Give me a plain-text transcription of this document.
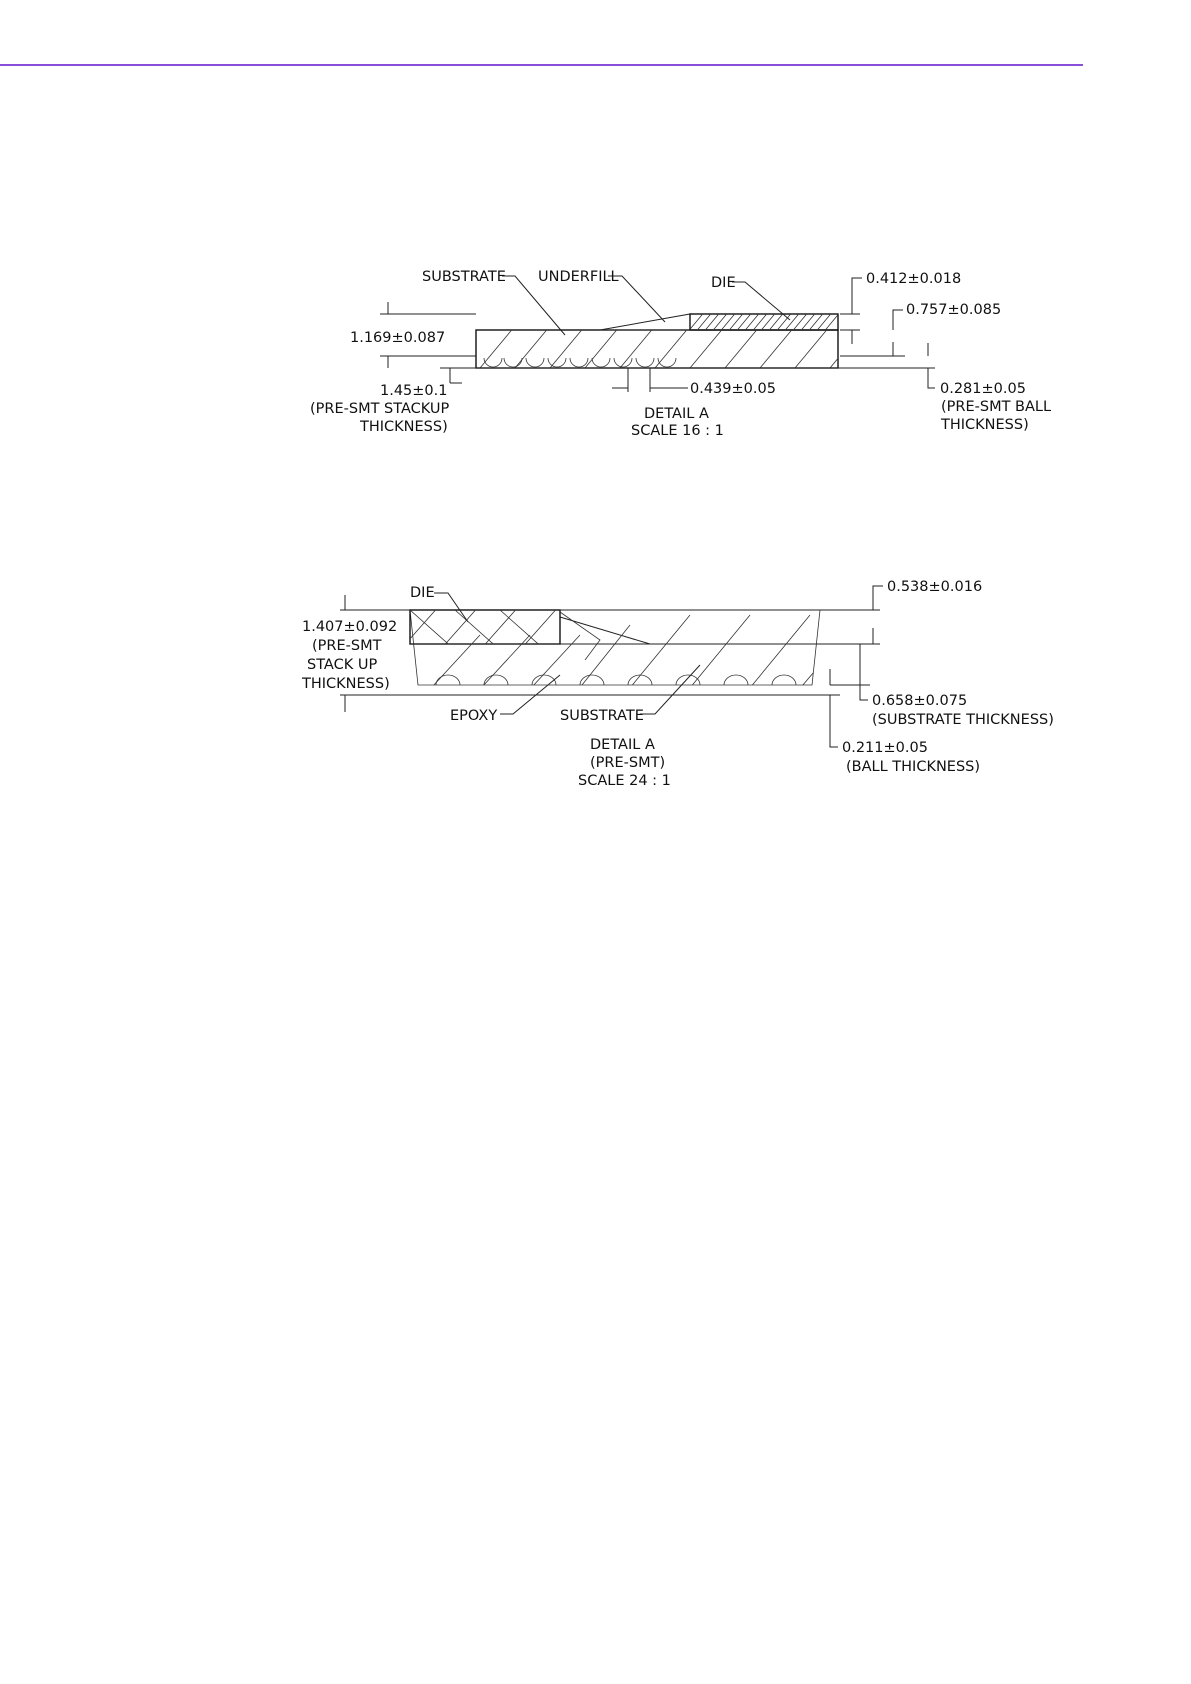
SUBSTRATE UNDERFILL	DIE	0.412±0.018
0.757±0.085
1.169±0.087
1.45±0.1
(PRE-SMT STACKUP
THICKNESS)
0.439±0.05	0.281±0.05
(PRE-SMT BALL
THICKNESS)
DETAIL A
SCALE 16 : 1
DIE	0.538±0.016
1.407±0.092
(PRE-SMT
STACK UP
THICKNESS)
EPOXY	SUBSTRATE
0.658±0.075
(SUBSTRATE THICKNESS)
0.211±0.05
(BALL THICKNESS)
DETAIL A
(PRE-SMT)
SCALE 24 : 1
